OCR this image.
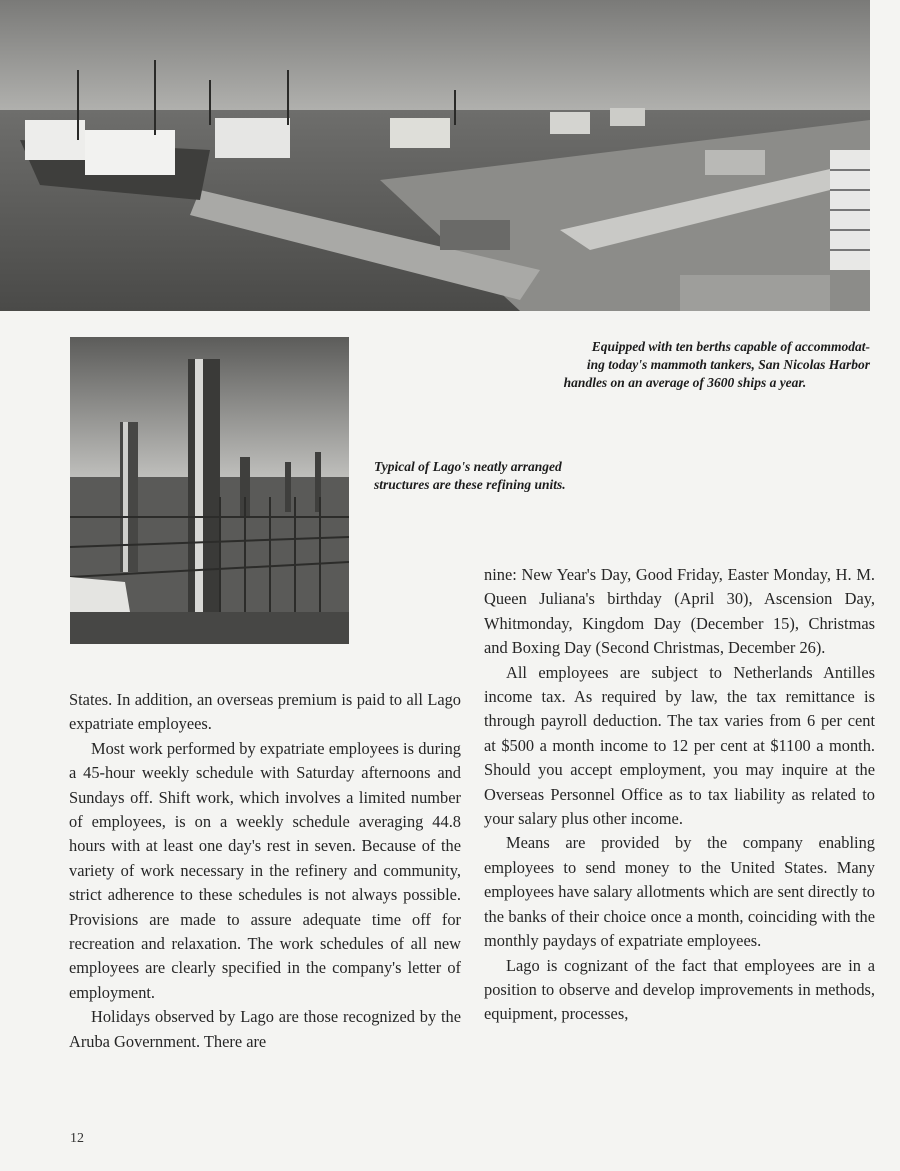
Equipped with ten berths capable of accommodat-
ing today's mammoth tankers, San Nicolas Harbor
handles on an average of 3600 ships a year.
Typical of Lago's neatly arranged
structures are these refining units.

States. In addition, an overseas premium is paid to all Lago expatriate employees.

Most work performed by expatriate employees is during a 45-hour weekly schedule with Saturday afternoons and Sundays off. Shift work, which involves a limited number of employees, is on a weekly schedule averaging 44.8 hours with at least one day's rest in seven. Because of the variety of work necessary in the refinery and community, strict adherence to these schedules is not always possible. Provisions are made to assure adequate time off for recreation and relaxation. The work schedules of all new employees are clearly specified in the company's letter of employment.

Holidays observed by Lago are those recognized by the Aruba Government. There are

nine: New Year's Day, Good Friday, Easter Monday, H. M. Queen Juliana's birthday (April 30), Ascension Day, Whitmonday, Kingdom Day (December 15), Christmas and Boxing Day (Second Christmas, December 26).

All employees are subject to Netherlands Antilles income tax. As required by law, the tax remittance is through payroll deduction. The tax varies from 6 per cent at $500 a month income to 12 per cent at $1100 a month. Should you accept employment, you may inquire at the Overseas Personnel Office as to tax liability as related to your salary plus other income.

Means are provided by the company enabling employees to send money to the United States. Many employees have salary allotments which are sent directly to the banks of their choice once a month, coinciding with the monthly paydays of expatriate employees.

Lago is cognizant of the fact that employees are in a position to observe and develop improvements in methods, equipment, processes,

12
